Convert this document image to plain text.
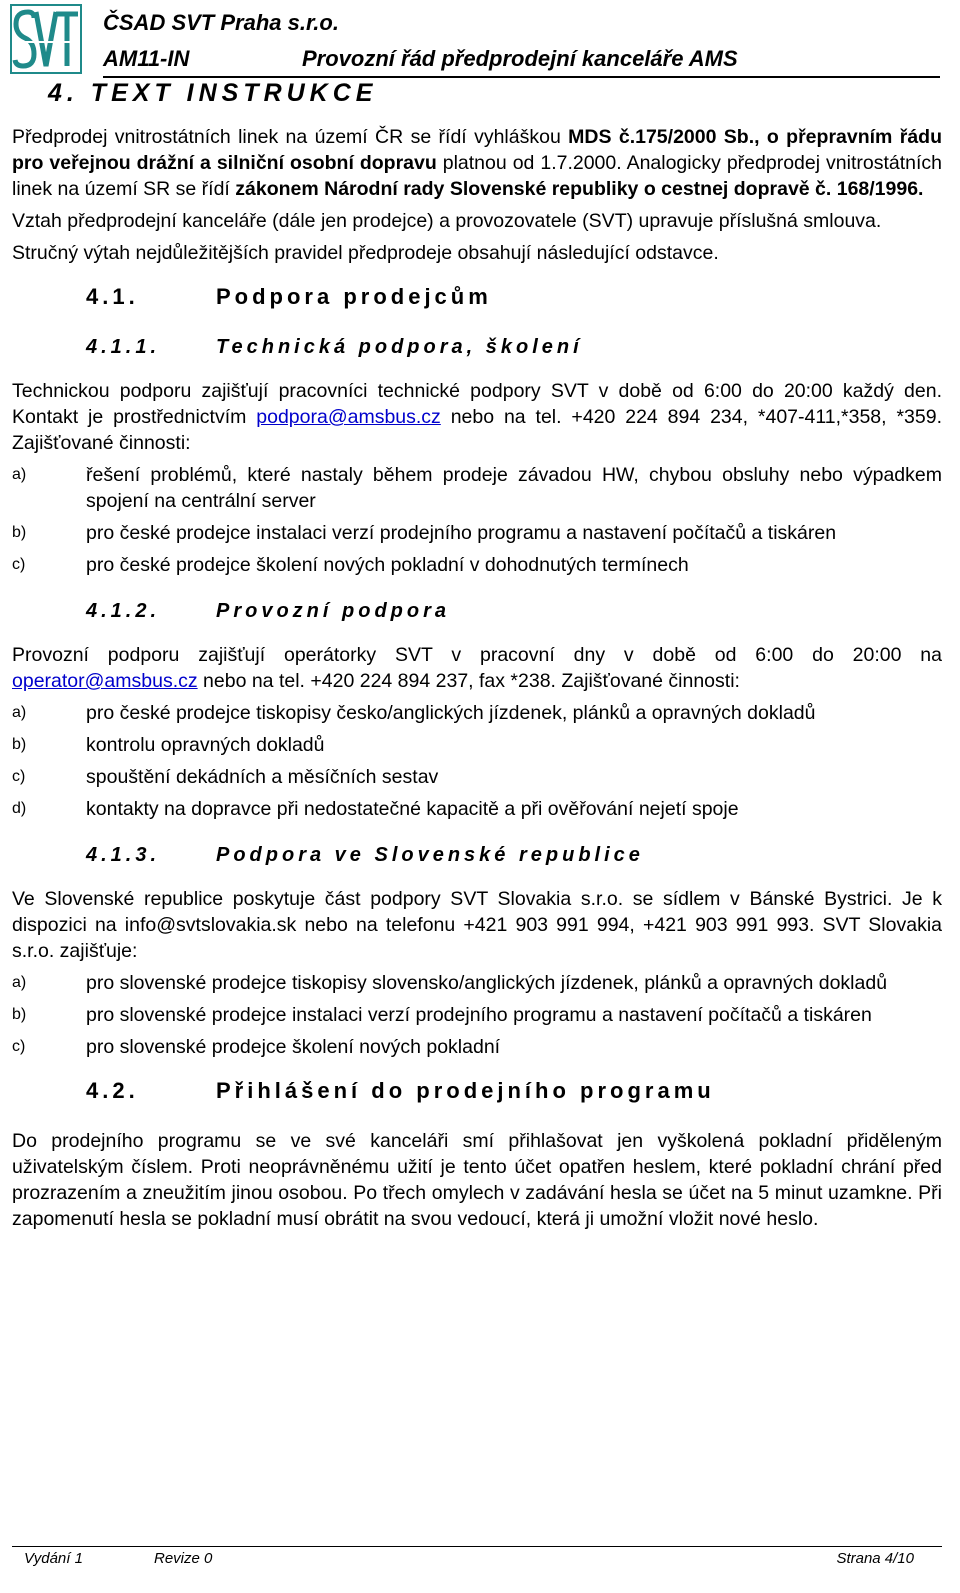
ČSAD SVT Praha s.r.o.
AM11-IN	Provozní řád předprodejní kanceláře AMS
4. TEXT INSTRUKCE

Předprodej vnitrostátních linek na území ČR se řídí vyhláškou MDS č.175/2000 Sb., o přepravním řádu pro veřejnou drážní a silniční osobní dopravu platnou od 1.7.2000. Analogicky předprodej vnitrostátních linek na území SR se řídí zákonem Národní rady Slovenské republiky o cestnej dopravě č. 168/1996.

Vztah předprodejní kanceláře (dále jen prodejce) a provozovatele (SVT) upravuje příslušná smlouva.

Stručný výtah nejdůležitějších pravidel předprodeje obsahují následující odstavce.

4.1.	Podpora prodejcům
4.1.1.	Technická podpora, školení

Technickou podporu zajišťují pracovníci technické podpory SVT v době od 6:00 do 20:00 každý den. Kontakt je prostřednictvím podpora@amsbus.cz nebo na tel. +420 224 894 234, *407-411,*358, *359. Zajišťované činnosti:

a)	řešení problémů, které nastaly během prodeje závadou HW, chybou obsluhy nebo výpadkem spojení na centrální server
b)	pro české prodejce instalaci verzí prodejního programu a nastavení počítačů a tiskáren
c)	pro české prodejce školení nových pokladní v dohodnutých termínech
4.1.2.	Provozní podpora

Provozní podporu zajišťují operátorky SVT v pracovní dny v době od 6:00 do 20:00 na operator@amsbus.cz nebo na tel. +420 224 894 237, fax *238. Zajišťované činnosti:

a)	pro české prodejce tiskopisy česko/anglických jízdenek, plánků a opravných dokladů
b)	kontrolu opravných dokladů
c)	spouštění dekádních a měsíčních sestav
d)	kontakty na dopravce při nedostatečné kapacitě a při ověřování nejetí spoje
4.1.3.	Podpora ve Slovenské republice

Ve Slovenské republice poskytuje část podpory SVT Slovakia s.r.o. se sídlem v Bánské Bystrici. Je k dispozici na info@svtslovakia.sk nebo na telefonu +421 903 991 994, +421 903 991 993. SVT Slovakia s.r.o. zajišťuje:

a)	pro slovenské prodejce tiskopisy slovensko/anglických jízdenek, plánků a opravných dokladů
b)	pro slovenské prodejce instalaci verzí prodejního programu a nastavení počítačů a tiskáren
c)	pro slovenské prodejce školení nových pokladní
4.2.	Přihlášení do prodejního programu

Do prodejního programu se ve své kanceláři smí přihlašovat jen vyškolená pokladní přiděleným uživatelským číslem. Proti neoprávněnému užití je tento účet opatřen heslem, které pokladní chrání před prozrazením a zneužitím jinou osobou. Po třech omylech v zadávání hesla se účet na 5 minut uzamkne. Při zapomenutí hesla se pokladní musí obrátit na svou vedoucí, která ji umožní vložit nové heslo.

Vydání 1	Revize 0	Strana 4/10
